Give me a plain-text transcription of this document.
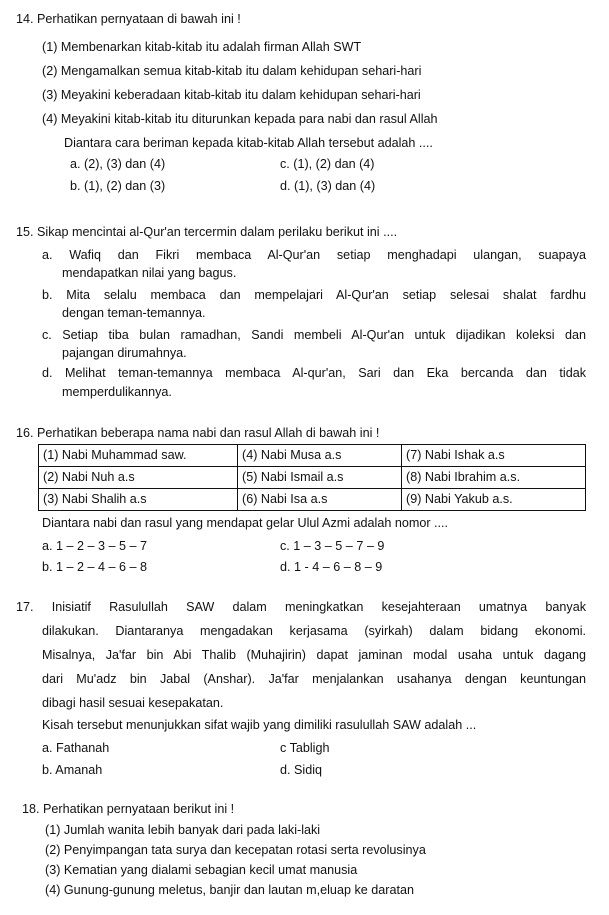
14. Perhatikan pernyataan di bawah ini !
(1) Membenarkan kitab-kitab itu adalah firman Allah SWT
(2) Mengamalkan semua kitab-kitab itu dalam kehidupan sehari-hari
(3) Meyakini keberadaan kitab-kitab itu dalam kehidupan sehari-hari
(4) Meyakini kitab-kitab itu diturunkan kepada para nabi dan rasul Allah
Diantara cara beriman kepada kitab-kitab Allah tersebut adalah ....
a. (2), (3) dan (4)	c. (1), (2) dan (4)
b. (1), (2) dan (3)	d. (1), (3) dan (4)
15. Sikap mencintai al-Qur'an tercermin dalam perilaku berikut ini ....
a. Wafiq dan Fikri membaca Al-Qur'an setiap menghadapi ulangan, suapaya
mendapatkan nilai yang bagus.
b. Mita selalu membaca dan mempelajari Al-Qur'an setiap selesai shalat fardhu
dengan teman-temannya.
c. Setiap tiba bulan ramadhan, Sandi membeli Al-Qur'an untuk dijadikan koleksi dan
pajangan dirumahnya.
d. Melihat teman-temannya membaca Al-qur'an, Sari dan Eka bercanda dan tidak
memperdulikannya.
16. Perhatikan beberapa nama nabi dan rasul Allah di bawah ini !
(1) Nabi Muhammad saw.	(4) Nabi Musa a.s	(7) Nabi Ishak a.s
(2) Nabi Nuh a.s	(5) Nabi Ismail a.s	(8) Nabi Ibrahim a.s.
(3) Nabi Shalih a.s	(6) Nabi Isa a.s	(9) Nabi Yakub a.s.
Diantara nabi dan rasul yang mendapat gelar Ulul Azmi adalah nomor ....
a. 1 – 2 – 3 – 5 – 7	c. 1 – 3 – 5 – 7 – 9
b. 1 – 2 – 4 – 6 – 8	d. 1 - 4 – 6 – 8 – 9
17. Inisiatif Rasulullah SAW dalam meningkatkan kesejahteraan umatnya banyak
dilakukan. Diantaranya mengadakan kerjasama (syirkah) dalam bidang ekonomi.
Misalnya, Ja'far bin Abi Thalib (Muhajirin) dapat jaminan modal usaha untuk dagang
dari Mu'adz bin Jabal (Anshar). Ja'far menjalankan usahanya dengan keuntungan
dibagi hasil sesuai kesepakatan.
Kisah tersebut menunjukkan sifat wajib yang dimiliki rasulullah SAW adalah ...
a. Fathanah	c Tabligh
b. Amanah	d. Sidiq
18. Perhatikan pernyataan berikut ini !
(1) Jumlah wanita lebih banyak dari pada laki-laki
(2) Penyimpangan tata surya dan kecepatan rotasi serta revolusinya
(3) Kematian yang dialami sebagian kecil umat manusia
(4) Gunung-gunung meletus, banjir dan lautan m,eluap ke daratan
